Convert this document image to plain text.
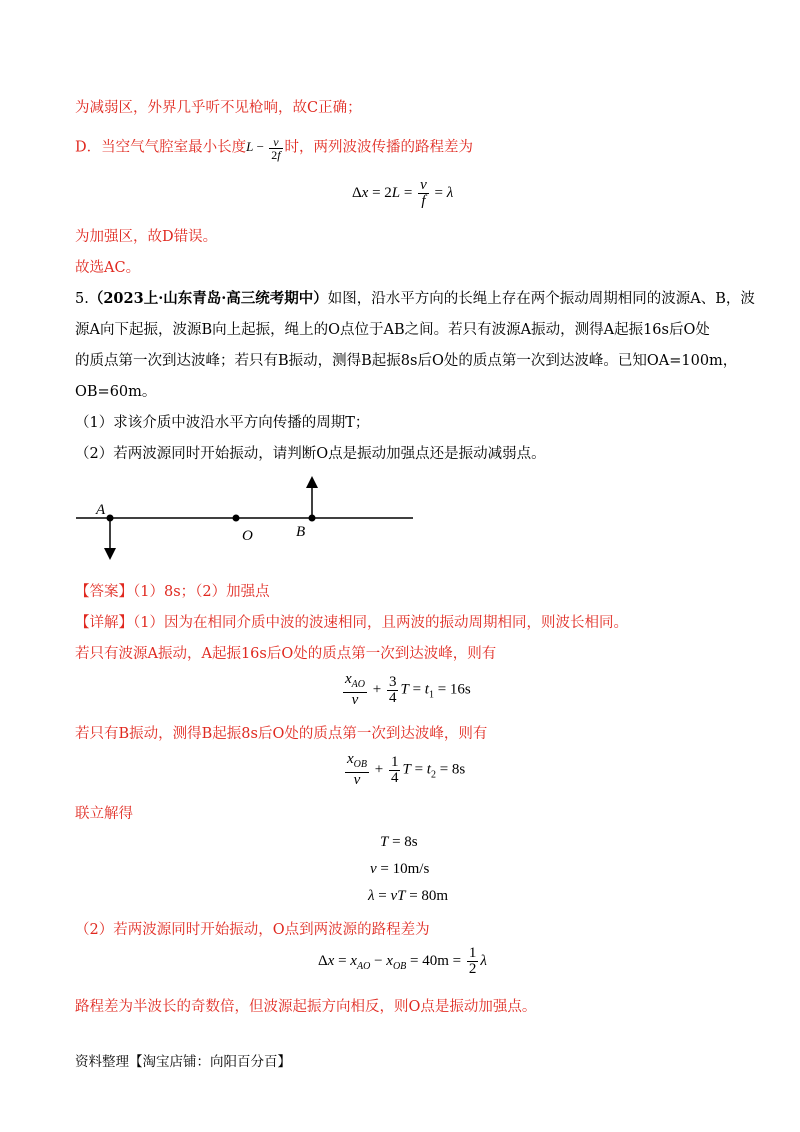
为减弱区，外界几乎听不见枪响，故C正确；
D．当空气气腔室最小长度$L - \frac{v}{2f}$ 时，两列波波传播的路程差为
$\Delta x = 2L = \frac{v}{f} = \lambda$
为加强区，故D错误。
故选AC。
5.（2023上·山东青岛·高三统考期中）如图，沿水平方向的长绳上存在两个振动周期相同的波源A、B，波
源A向下起振，波源B向上起振，绳上的O点位于AB之间。若只有波源A振动，测得A起振16s后O处
的质点第一次到达波峰；若只有B振动，测得B起振8s后O处的质点第一次到达波峰。已知OA=100m，
OB=60m。
（1）求该介质中波沿水平方向传播的周期T；
（2）若两波源同时开始振动，请判断O点是振动加强点还是振动减弱点。
A
O	B
【答案】（1）8s；（2）加强点
【详解】（1）因为在相同介质中波的波速相同，且两波的振动周期相同，则波长相同。
若只有波源A振动，A起振16s后O处的质点第一次到达波峰，则有
$\frac{x_{AO}}{v} + \frac{3}{4}$ $T = t_1 = 16s$
若只有B振动，测得B起振8s后O处的质点第一次到达波峰，则有
$\frac{x_{OB}}{v} + \frac{1}{4}$ $T = t_2 = 8s$
联立解得
T = 8s
v = 10m/s
λ = vT = 80m
（2）若两波源同时开始振动，O点到两波源的路程差为
$\Delta x = x_{AO} - x_{OB} = 40m = \frac{1}{2}$ λ
路程差为半波长的奇数倍，但波源起振方向相反，则O点是振动加强点。
资料整理【淘宝店铺：向阳百分百】
